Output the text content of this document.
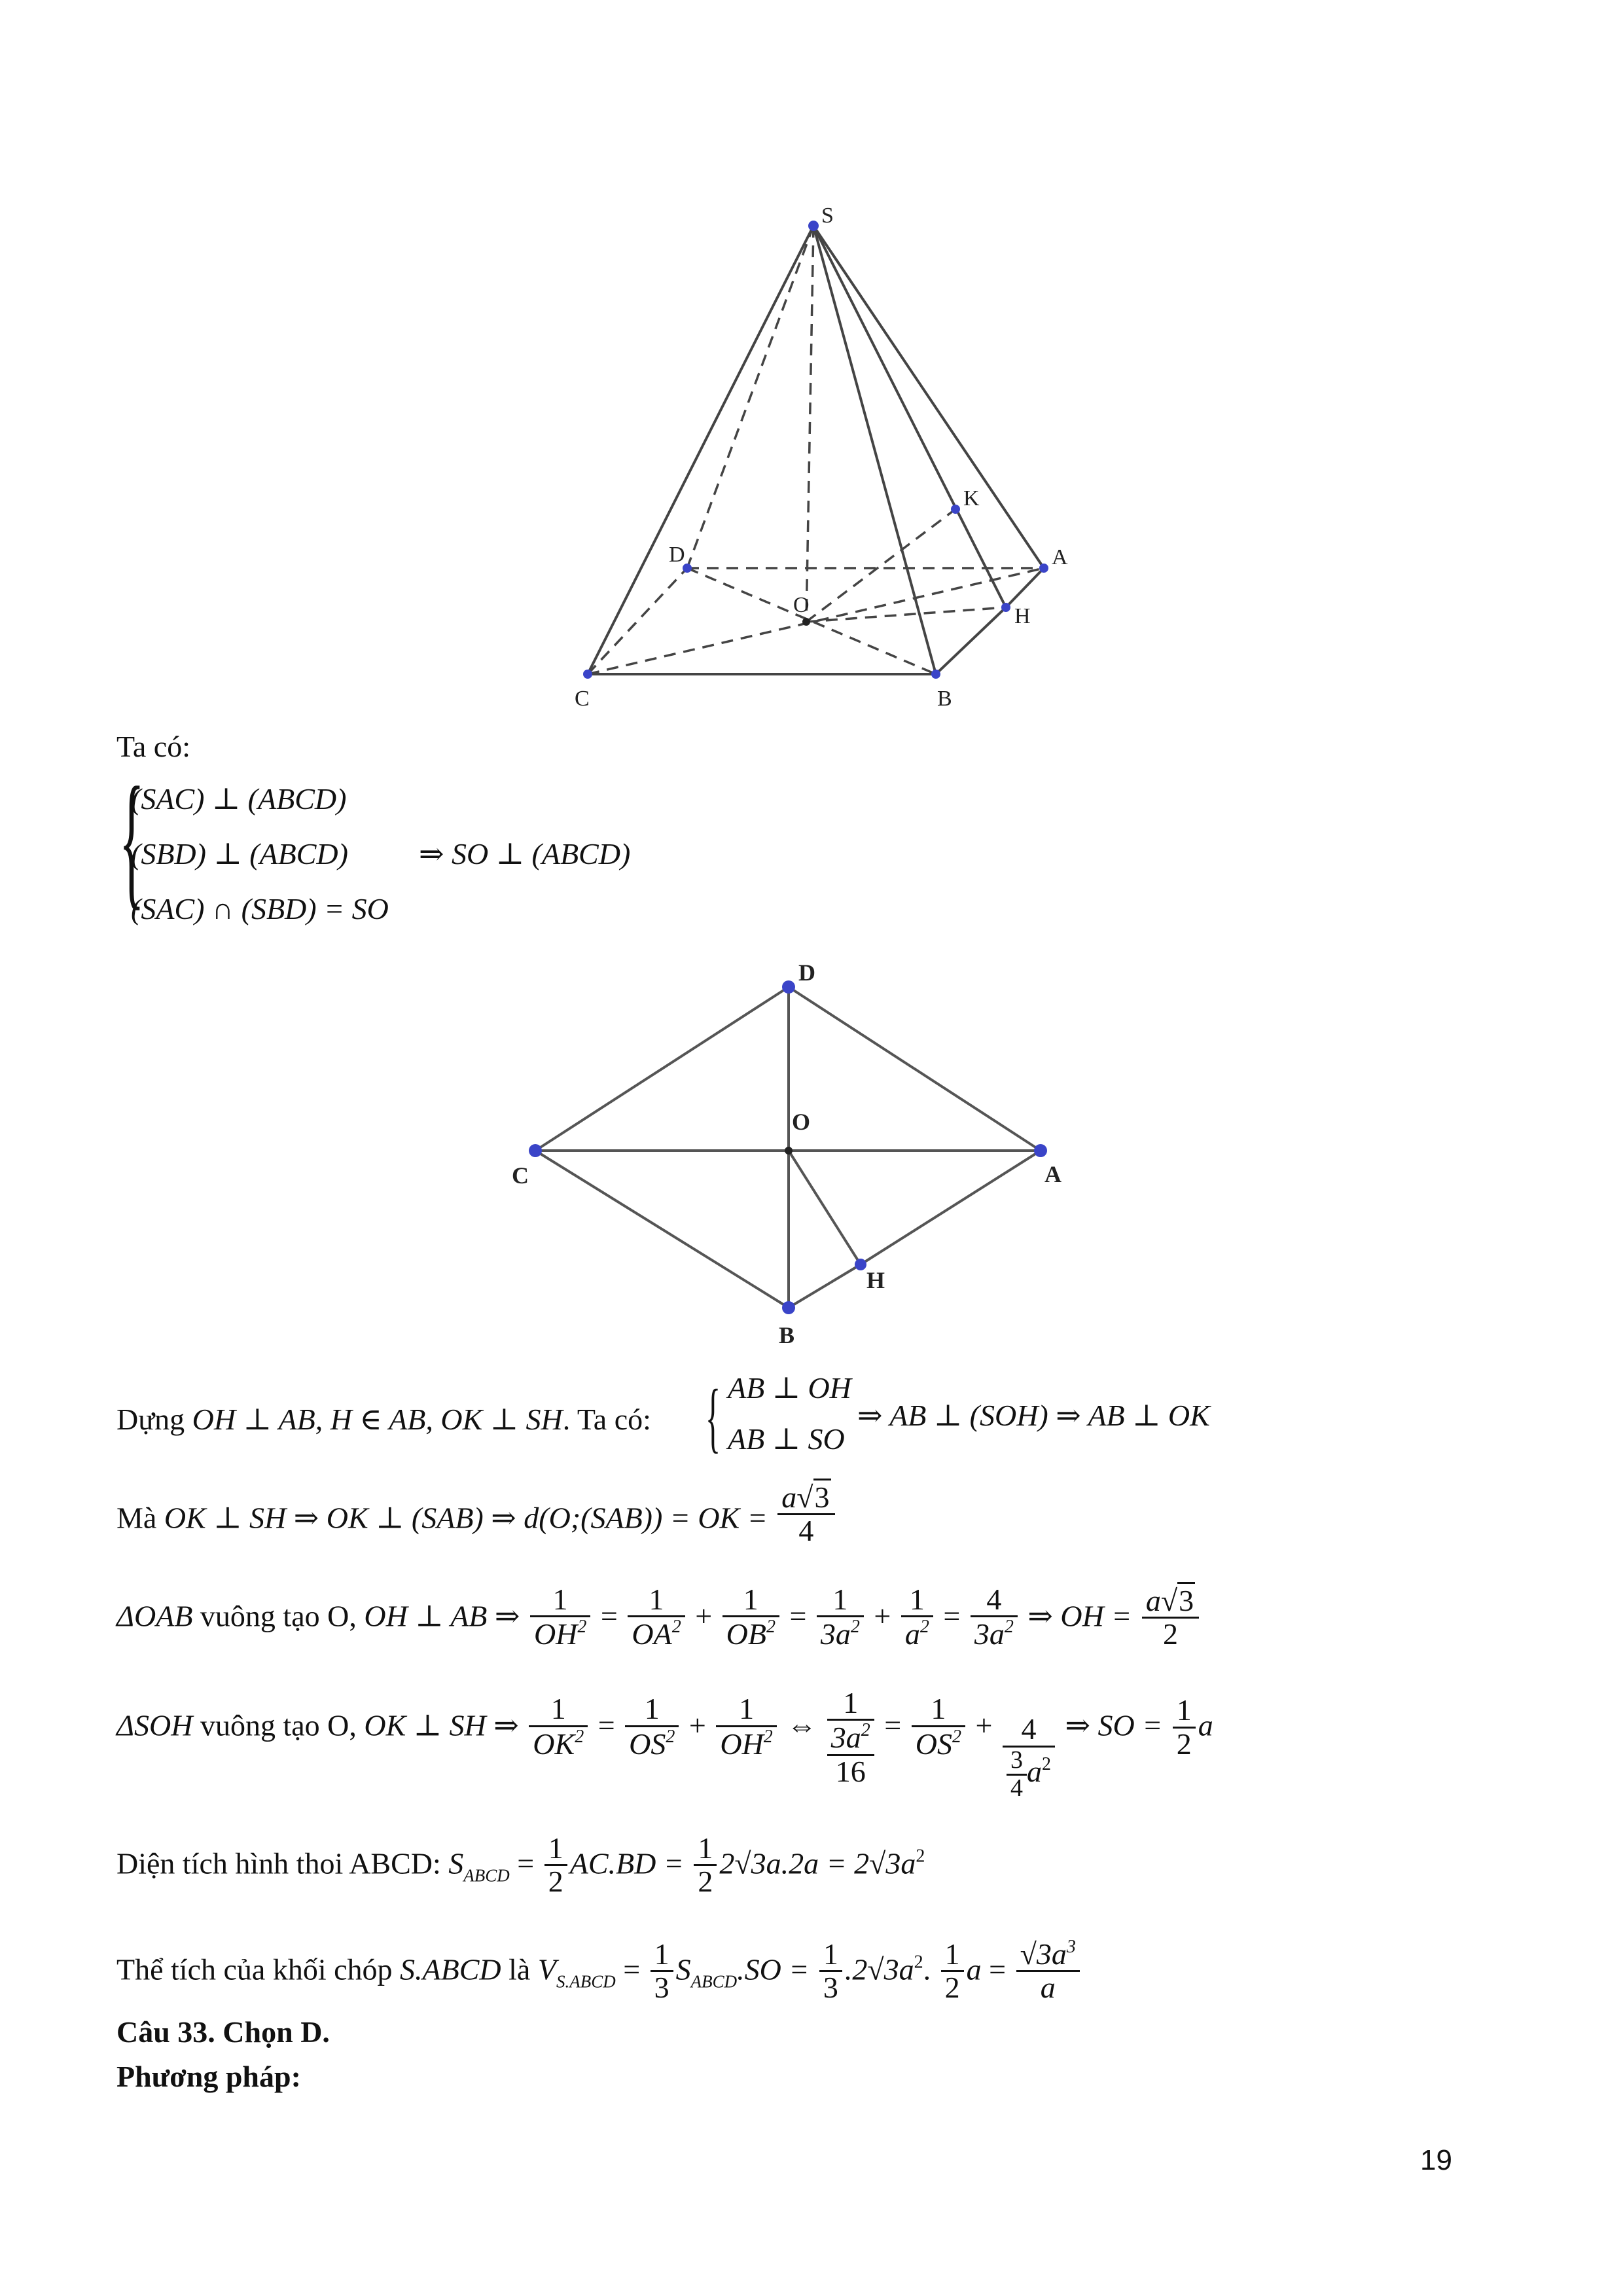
S
K
D	A
O	H
C	B
Ta có:
{
(SAC) ⊥ (ABCD)
(SBD) ⊥ (ABCD)
(SAC) ∩ (SBD) = SO
⇒ SO ⊥ (ABCD)
D
O
C	A
H
B
Dựng OH ⊥ AB, H ∈ AB, OK ⊥ SH. Ta có: { AB ⊥ OH
AB ⊥ SO
⇒ AB ⊥ (SOH) ⇒ AB ⊥ OK
Mà OK ⊥ SH ⇒ OK ⊥ (SAB) ⇒ d(O;(SAB)) = OK = $\frac{a√3}{4}$
ΔOAB vuông tạo O, OH ⊥ AB ⇒ $\frac{1}{OH^2} = \frac{1}{OA^2} + \frac{1}{OB^2} = \frac{1}{3a^2} + \frac{1}{a^2} = \frac{4}{3a^2}$ ⇒ OH = $\frac{a√3}{2}$
ΔSOH vuông tạo O, OK ⊥ SH ⇒ $\frac{1}{OK^2} = \frac{1}{OS^2} + \frac{1}{OH^2}$ ⇔
1
$3a^2$
16
= $\frac{1}{OS^2} + \frac{4}{\frac{3}{4} a^2}$ ⇒ SO = $\frac{1}{2}$ a
Diện tích hình thoi ABCD: $S_{ABCD} = \frac{1}{2} AC.BD = \frac{1}{2} 2√3a.2a = 2√3a^2$
Thể tích của khối chóp S.ABCD là $V_{S.ABCD} = \frac{1}{3} S_{ABCD}.SO = \frac{1}{3} .2√3a^2$. $\frac{1}{2}$ $a = \frac{√3a^3}{a}$
Câu 33. Chọn D.
Phương pháp:
19
